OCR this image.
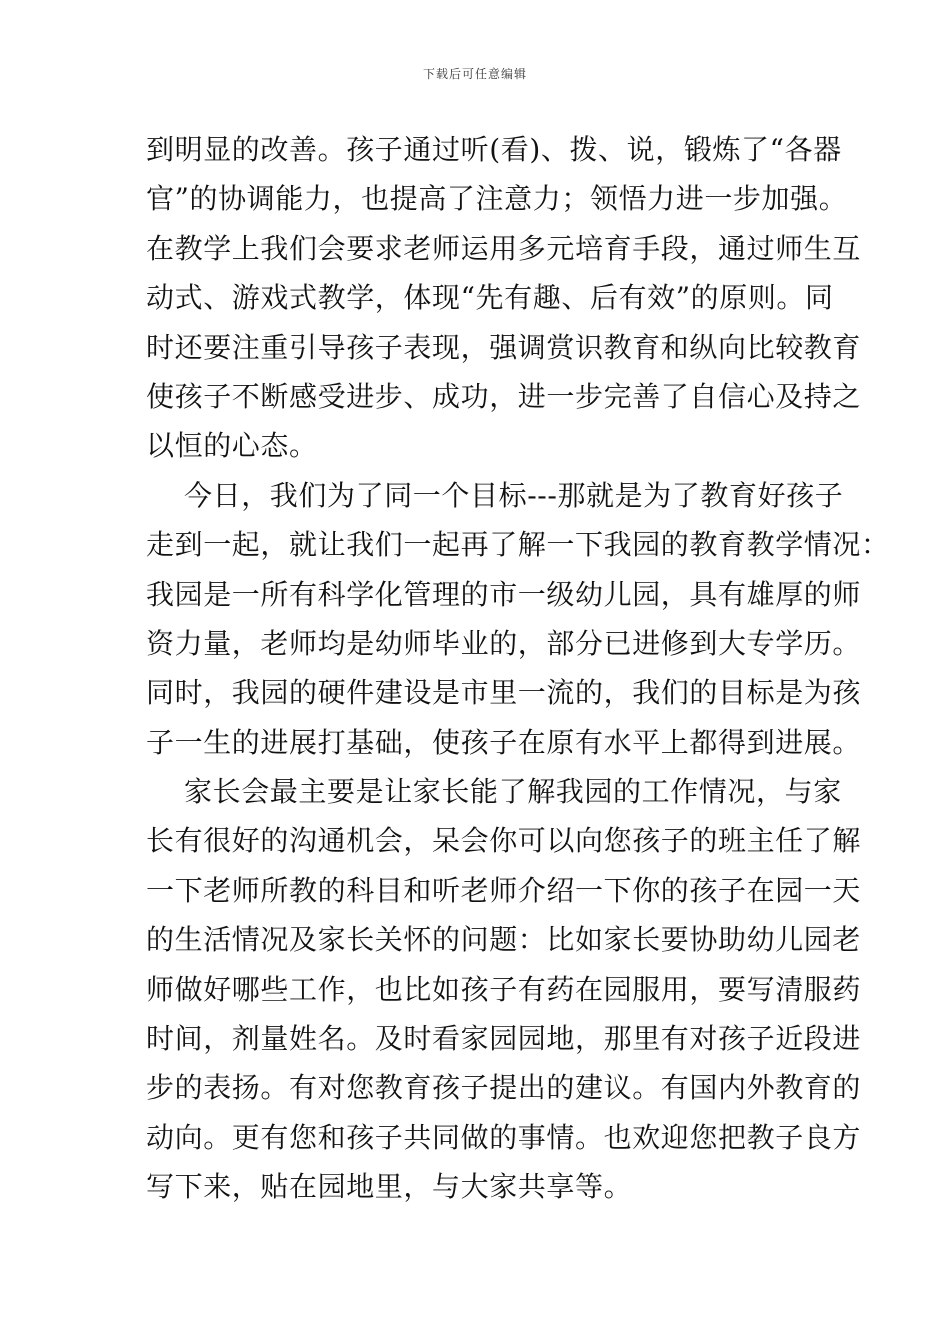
下载后可任意编辑
到明显的改善。孩子通过听(看)、拨、说，锻炼了“各器
官”的协调能力，也提高了注意力；领悟力进一步加强。
在教学上我们会要求老师运用多元培育手段，通过师生互
动式、游戏式教学，体现“先有趣、后有效”的原则。同
时还要注重引导孩子表现，强调赏识教育和纵向比较教育
使孩子不断感受进步、成功，进一步完善了自信心及持之
以恒的心态。
今日，我们为了同一个目标---那就是为了教育好孩子
走到一起，就让我们一起再了解一下我园的教育教学情况：
我园是一所有科学化管理的市一级幼儿园，具有雄厚的师
资力量，老师均是幼师毕业的，部分已进修到大专学历。
同时，我园的硬件建设是市里一流的，我们的目标是为孩
子一生的进展打基础，使孩子在原有水平上都得到进展。
家长会最主要是让家长能了解我园的工作情况，与家
长有很好的沟通机会，呆会你可以向您孩子的班主任了解
一下老师所教的科目和听老师介绍一下你的孩子在园一天
的生活情况及家长关怀的问题：比如家长要协助幼儿园老
师做好哪些工作，也比如孩子有药在园服用，要写清服药
时间，剂量姓名。及时看家园园地，那里有对孩子近段进
步的表扬。有对您教育孩子提出的建议。有国内外教育的
动向。更有您和孩子共同做的事情。也欢迎您把教子良方
写下来，贴在园地里，与大家共享等。
